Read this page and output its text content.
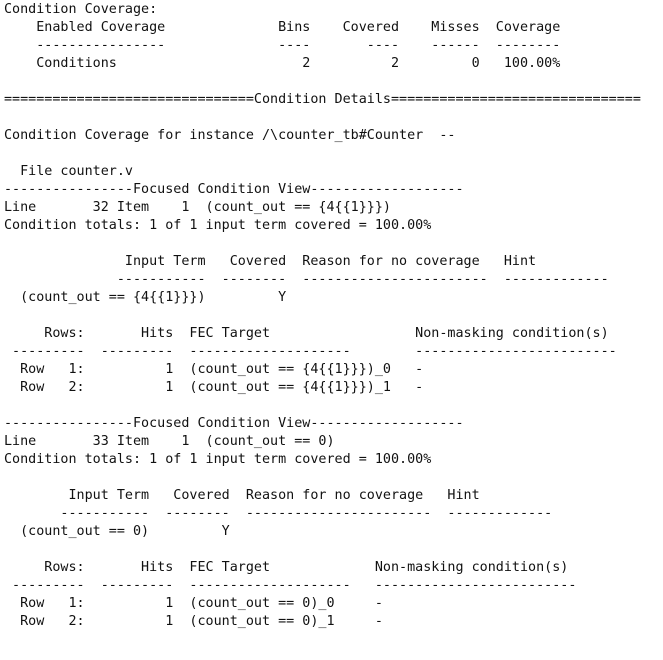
Condition Coverage:

Enabled Coverage              Bins    Covered    Misses  Coverage

----------------              ----       ----    ------  --------

Conditions                       2          2         0   100.00%

===============================Condition Details===============================

Condition Coverage for instance /\counter_tb#Counter  --

File counter.v

----------------Focused Condition View-------------------

Line       32 Item    1  (count_out == {4{{1}}})

Condition totals: 1 of 1 input term covered = 100.00%

Input Term   Covered  Reason for no coverage   Hint

-----------  --------  -----------------------  -------------

(count_out == {4{{1}}})         Y

Rows:       Hits  FEC Target                  Non-masking condition(s)

---------  ---------  --------------------        -------------------------

Row   1:          1  (count_out == {4{{1}}})_0   -

Row   2:          1  (count_out == {4{{1}}})_1   -

----------------Focused Condition View-------------------

Line       33 Item    1  (count_out == 0)

Condition totals: 1 of 1 input term covered = 100.00%

Input Term   Covered  Reason for no coverage   Hint

-----------  --------  -----------------------  -------------

(count_out == 0)         Y

Rows:       Hits  FEC Target             Non-masking condition(s)

---------  ---------  --------------------   -------------------------

Row   1:          1  (count_out == 0)_0     -

Row   2:          1  (count_out == 0)_1     -
